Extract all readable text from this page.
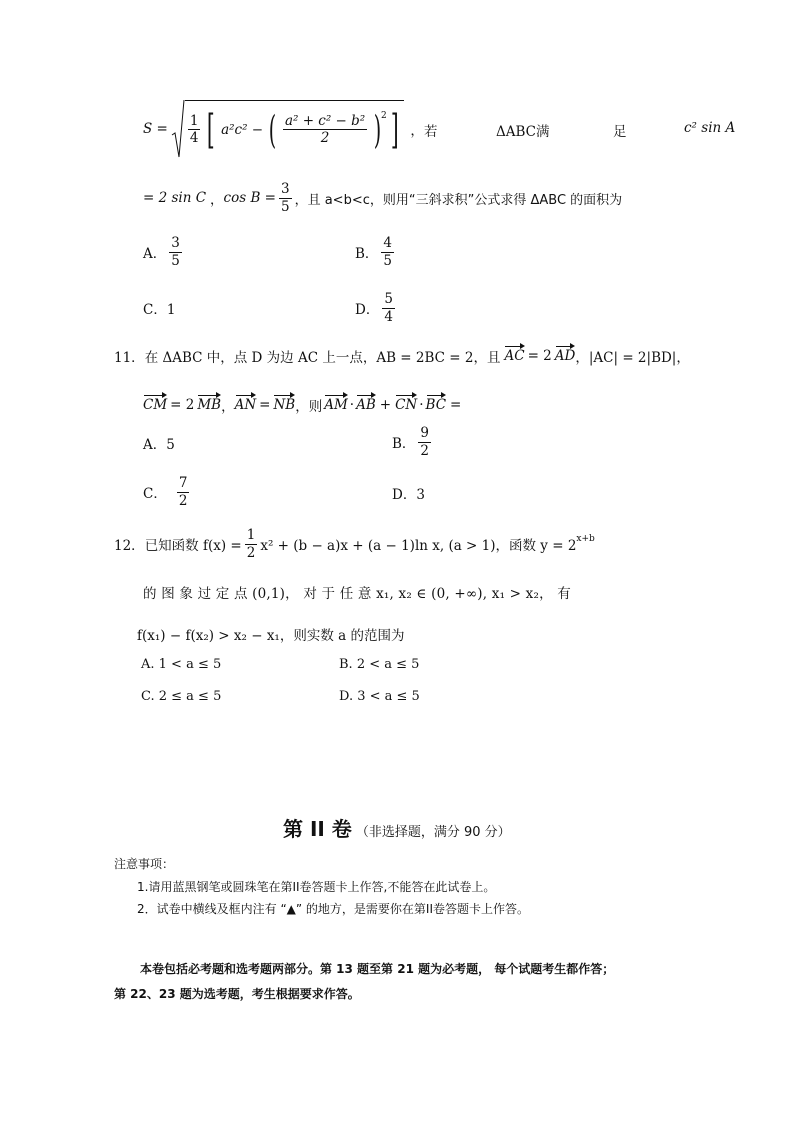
$S = \frac{1}{4}$ [ a²c² − ( $\frac{\text{a² + c² − b²}}{2} )^2$ ] ， 若	ΔABC满	足	c² sin A
= 2 sin C ， $\cos B = \frac{3}{5}$ ，且 a<b<c，则用“三斜求积”公式求得 ΔABC 的面积为
A． $\frac{3}{5}$	B． $\frac{4}{5}$
C．1	D． $\frac{5}{4}$
11． 在 ΔABC 中，点 D 为边 AC 上一点，AB = 2BC = 2，且 AC = 2 AD ，|AC| = 2|BD|，
CM = 2 MB ， AN = NB ，则 AM · AB + CN · BC =
A．5	B． $\frac{9}{2}$
C． $\frac{7}{2}$	D．3
12． 已知函数 $f(x) = \frac{1}{2} x^2 + (b - a)x + (a - 1)\ln$ x, (a > 1)，函数 $y = 2^{x+b}$
的 图 象 过 定 点 (0,1)， 对 于 任 意 x₁, x₂ ∈ (0, +∞), x₁ > x₂， 有
f(x₁) − f(x₂) > x₂ − x₁，则实数 a 的范围为
A. 1 < a ≤ 5	B. 2 < a ≤ 5
C. 2 ≤ a ≤ 5	D. 3 < a ≤ 5
第 II 卷 （非选择题，满分 90 分）
注意事项：
1.请用蓝黑钢笔或圆珠笔在第II卷答题卡上作答,不能答在此试卷上。
2．试卷中横线及框内注有 “▲” 的地方，是需要你在第II卷答题卡上作答。
本卷包括必考题和选考题两部分。第 13 题至第 21 题为必考题， 每个试题考生都作答；
第 22、23 题为选考题，考生根据要求作答。
